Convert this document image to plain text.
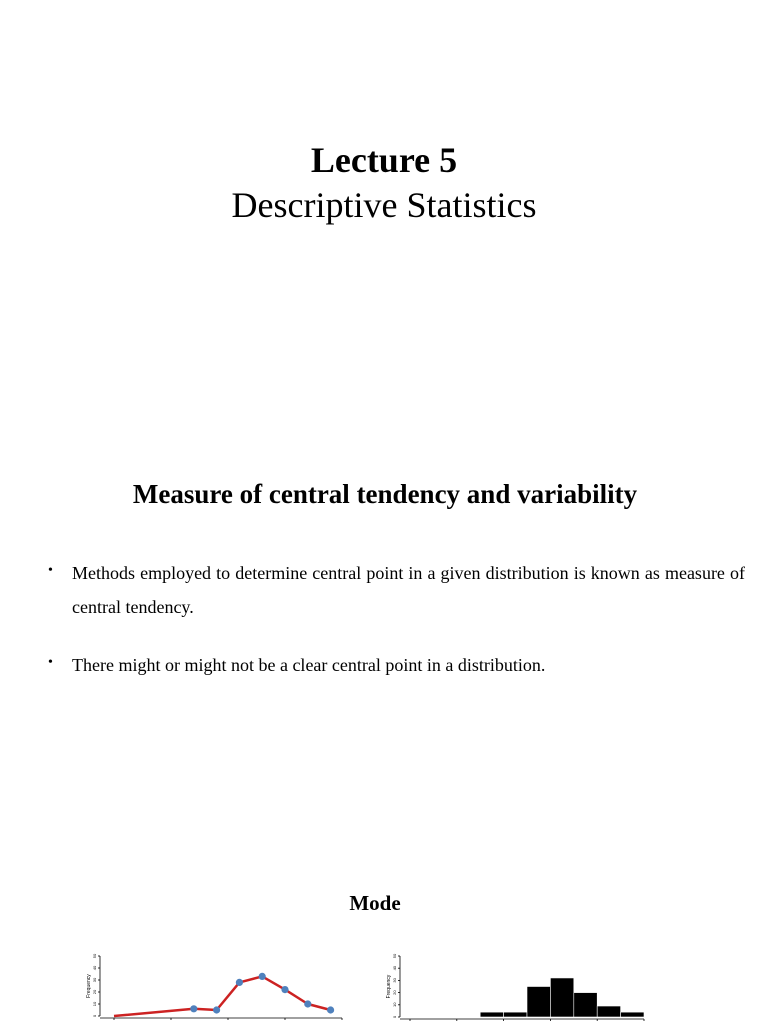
Lecture 5
Descriptive Statistics
Measure of central tendency and variability
• Methods employed to determine central point in a given distribution is known as measure of central tendency.
• There might or might not be a clear central point in a distribution.
Mode
0
10
20
30
40
50
Frequency
0
10
20
30
40
50
Frequency
